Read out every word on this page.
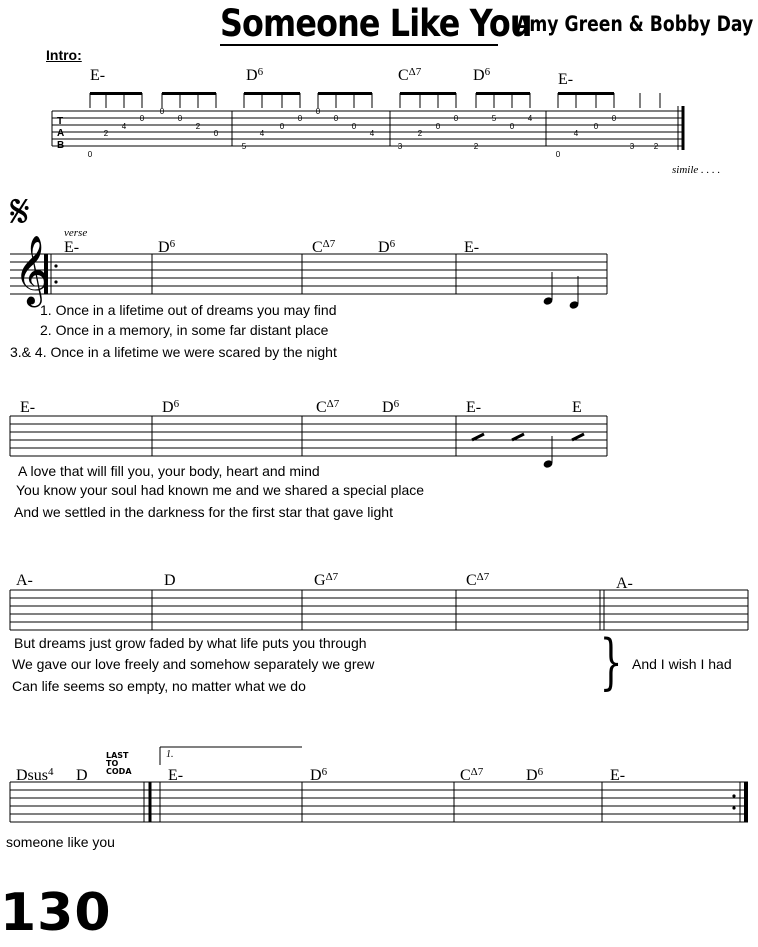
Someone Like You
Amy Green & Bobby Day
Intro:
E-	$D^6$	$C^{\Delta 7}$	$D^6$	E-
simile . . . .
𝄋	verse
𝄞 E-	$D^6$	$C^{\Delta 7}$	$D^6$	E-
1. Once in a lifetime out of dreams you may find
2. Once in a memory, in some far distant place
3.& 4. Once in a lifetime we were scared by the night
E-	$D^6$	$C^{\Delta 7}$	$D^6$	E-	E
A love that will fill you, your body, heart and mind
You know your soul had known me and we shared a special place
And we settled in the darkness for the first star that gave light
A-	D	$G^{\Delta 7}$	$C^{\Delta 7}$	A-
But dreams just grow faded by what life puts you through
We gave our love freely and somehow separately we grew
Can life seems so empty, no matter what we do	} And I wish I had
Dsus$^4$ D
LAST
TO
CODA
1.
E-	$D^6$	$C^{\Delta 7}$	$D^6$	E-
someone like you
130
T
A
B
0
2
4
0
0
0
2
5
4
0
0
0
4
3
2
0
0
0
2
5	4
0
0
0
0
4
0
0
3 2
